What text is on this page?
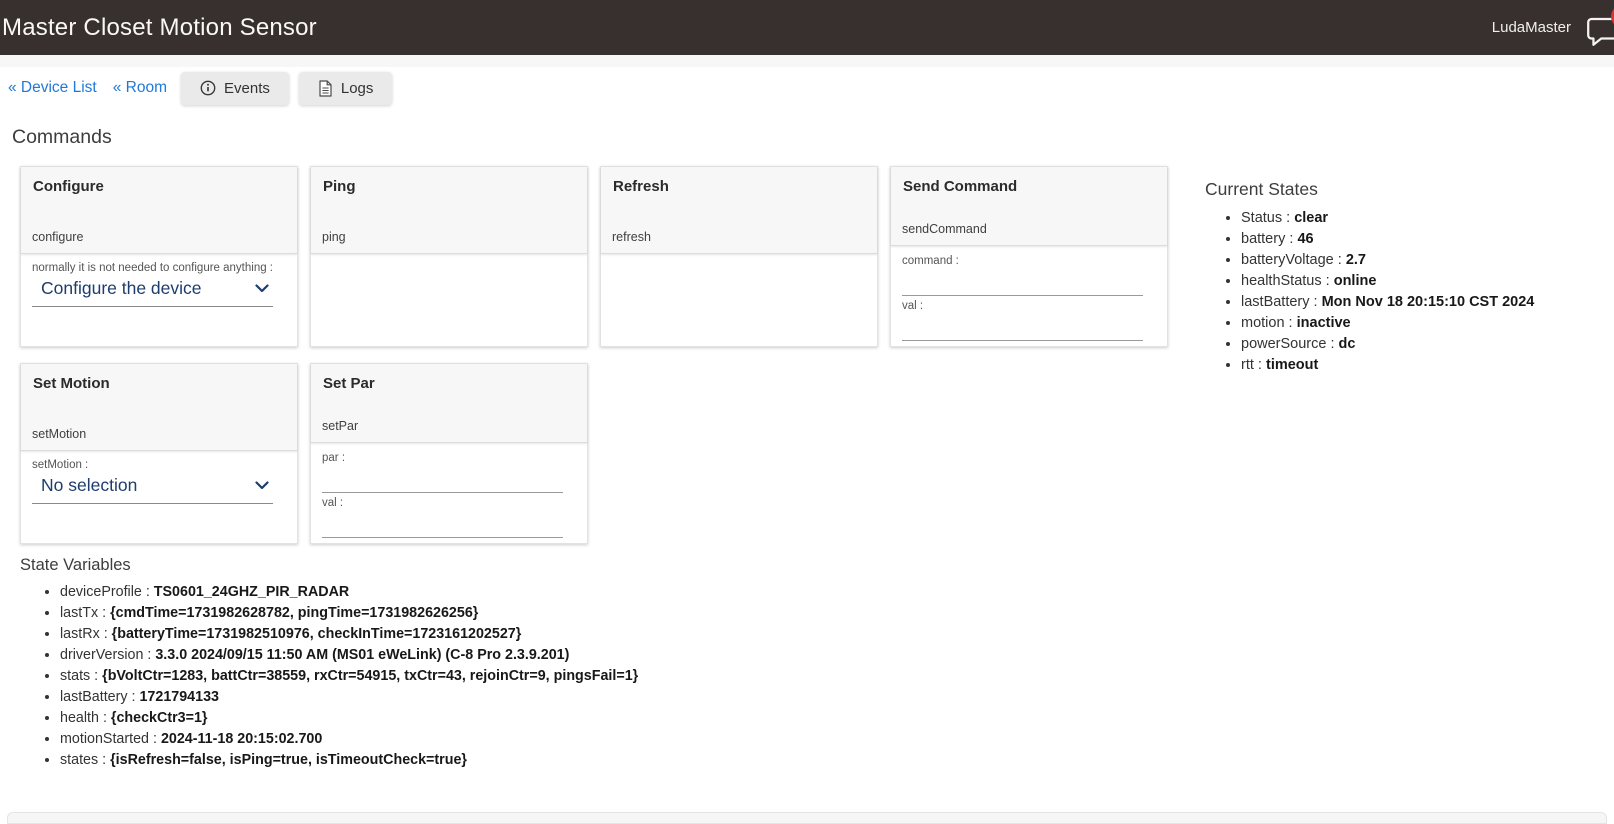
Master Closet Motion Sensor	LudaMaster
« Device List « Room	Events	Logs
Commands
Configure
configure
normally it is not needed to configure anything :
Configure the device
Ping
ping
Refresh
refresh
Send Command
sendCommand
command :
val :
Set Motion
setMotion
setMotion :
No selection
Set Par
setPar
par :
val :
Current States
• Status : clear
• battery : 46
• batteryVoltage : 2.7
• healthStatus : online
• lastBattery : Mon Nov 18 20:15:10 CST 2024
• motion : inactive
• powerSource : dc
• rtt : timeout
State Variables
• deviceProfile : TS0601_24GHZ_PIR_RADAR
• lastTx : {cmdTime=1731982628782, pingTime=1731982626256}
• lastRx : {batteryTime=1731982510976, checkInTime=1723161202527}
• driverVersion : 3.3.0 2024/09/15 11:50 AM (MS01 eWeLink) (C-8 Pro 2.3.9.201)
• stats : {bVoltCtr=1283, battCtr=38559, rxCtr=54915, txCtr=43, rejoinCtr=9, pingsFail=1}
• lastBattery : 1721794133
• health : {checkCtr3=1}
• motionStarted : 2024-11-18 20:15:02.700
• states : {isRefresh=false, isPing=true, isTimeoutCheck=true}
